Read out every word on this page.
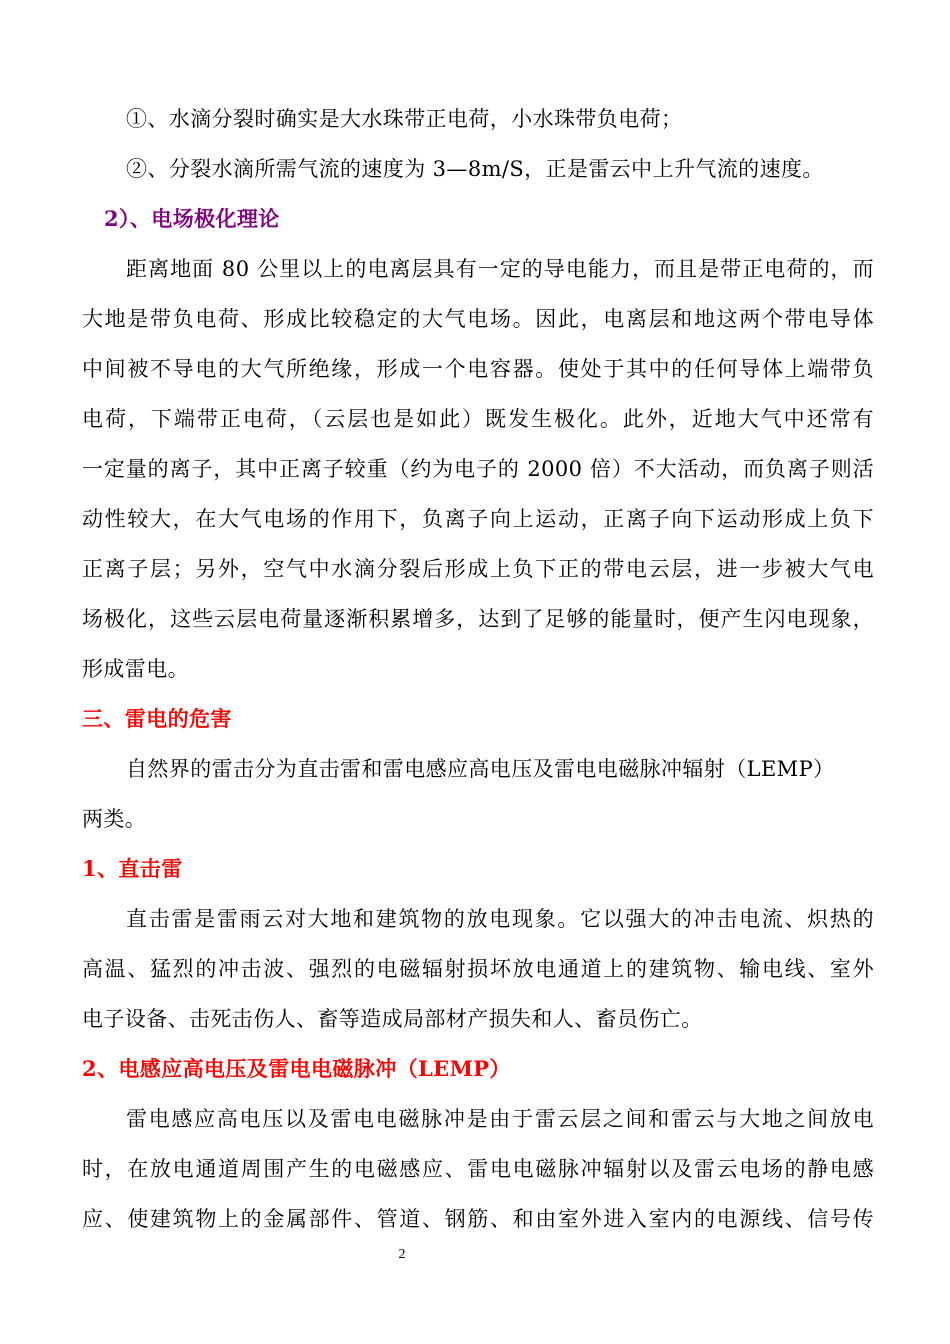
①、水滴分裂时确实是大水珠带正电荷，小水珠带负电荷；
②、分裂水滴所需气流的速度为 3—8m/S，正是雷云中上升气流的速度。
2）、电场极化理论
距离地面 80 公里以上的电离层具有一定的导电能力，而且是带正电荷的，而
大地是带负电荷、形成比较稳定的大气电场。因此，电离层和地这两个带电导体
中间被不导电的大气所绝缘，形成一个电容器。使处于其中的任何导体上端带负
电荷，下端带正电荷，（云层也是如此）既发生极化。此外，近地大气中还常有
一定量的离子，其中正离子较重（约为电子的 2000 倍）不大活动，而负离子则活
动性较大，在大气电场的作用下，负离子向上运动，正离子向下运动形成上负下
正离子层；另外，空气中水滴分裂后形成上负下正的带电云层，进一步被大气电
场极化，这些云层电荷量逐渐积累增多，达到了足够的能量时，便产生闪电现象，
形成雷电。
三、雷电的危害
自然界的雷击分为直击雷和雷电感应高电压及雷电电磁脉冲辐射（LEMP）
两类。
1、直击雷
直击雷是雷雨云对大地和建筑物的放电现象。它以强大的冲击电流、炽热的
高温、猛烈的冲击波、强烈的电磁辐射损坏放电通道上的建筑物、输电线、室外
电子设备、击死击伤人、畜等造成局部材产损失和人、畜员伤亡。
2、电感应高电压及雷电电磁脉冲（LEMP）
雷电感应高电压以及雷电电磁脉冲是由于雷云层之间和雷云与大地之间放电
时，在放电通道周围产生的电磁感应、雷电电磁脉冲辐射以及雷云电场的静电感
应、使建筑物上的金属部件、管道、钢筋、和由室外进入室内的电源线、信号传
2
